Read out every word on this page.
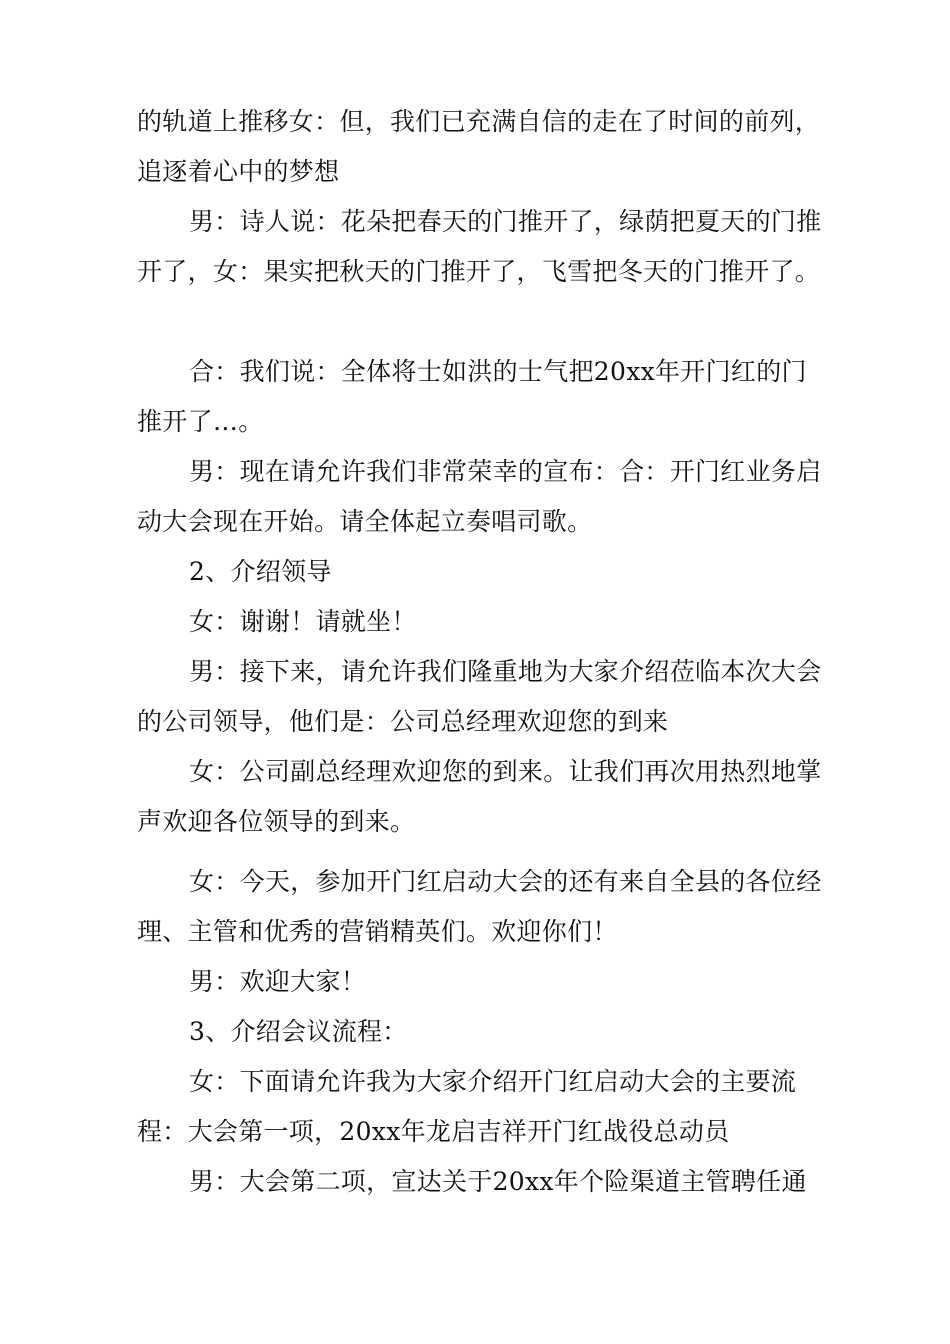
的轨道上推移女：但，我们已充满自信的走在了时间的前列，追逐着心中的梦想

男：诗人说：花朵把春天的门推开了，绿荫把夏天的门推开了，女：果实把秋天的门推开了，飞雪把冬天的门推开了。

合：我们说：全体将士如洪的士气把20xx年开门红的门推开了…。

男：现在请允许我们非常荣幸的宣布：合：开门红业务启动大会现在开始。请全体起立奏唱司歌。

2、介绍领导

女：谢谢！请就坐！

男：接下来，请允许我们隆重地为大家介绍莅临本次大会的公司领导，他们是：公司总经理欢迎您的到来

女：公司副总经理欢迎您的到来。让我们再次用热烈地掌声欢迎各位领导的到来。

女：今天，参加开门红启动大会的还有来自全县的各位经理、主管和优秀的营销精英们。欢迎你们！

男：欢迎大家！

3、介绍会议流程：

女：下面请允许我为大家介绍开门红启动大会的主要流程：大会第一项，20xx年龙启吉祥开门红战役总动员

男：大会第二项，宣达关于20xx年个险渠道主管聘任通
